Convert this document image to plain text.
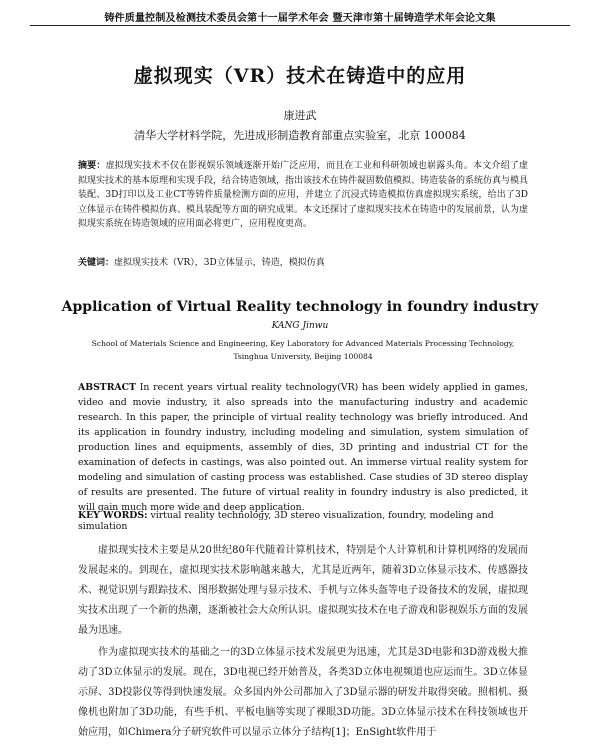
铸件质量控制及检测技术委员会第十一届学术年会 暨天津市第十届铸造学术年会论文集
虚拟现实（VR）技术在铸造中的应用
康进武
清华大学材料学院，先进成形制造教育部重点实验室，北京 100084
摘要：虚拟现实技术不仅在影视娱乐领域逐渐开始广泛应用，而且在工业和科研领域也崭露头角。本文介绍了虚拟现实技术的基本原理和实现手段，结合铸造领域，指出该技术在铸件凝固数值模拟、铸造装备的系统仿真与模具装配、3D打印以及工业CT等铸件质量检测方面的应用，并建立了沉浸式铸造模拟仿真虚拟现实系统，给出了3D立体显示在铸件模拟仿真、模具装配等方面的研究成果。本文还探讨了虚拟现实技术在铸造中的发展前景，认为虚拟现实系统在铸造领域的应用面必将更广，应用程度更高。
关键词：虚拟现实技术（VR），3D立体显示，铸造，模拟仿真
Application of Virtual Reality technology in foundry industry
KANG Jinwu
School of Materials Science and Engineering, Key Laboratory for Advanced Materials Processing Technology, Tsinghua University, Beijing 100084
ABSTRACT In recent years virtual reality technology(VR) has been widely applied in games, video and movie industry, it also spreads into the manufacturing industry and academic research. In this paper, the principle of virtual reality technology was briefly introduced. And its application in foundry industry, including modeling and simulation, system simulation of production lines and equipments, assembly of dies, 3D printing and industrial CT for the examination of defects in castings, was also pointed out. An immerse virtual reality system for modeling and simulation of casting process was established. Case studies of 3D stereo display of results are presented. The future of virtual reality in foundry industry is also predicted, it will gain much more wide and deep application.
KEY WORDS: virtual reality technology, 3D stereo visualization, foundry, modeling and simulation

虚拟现实技术主要是从20世纪80年代随着计算机技术，特别是个人计算机和计算机网络的发展而发展起来的。到现在，虚拟现实技术影响越来越大，尤其是近两年，随着3D立体显示技术、传感器技术、视觉识别与跟踪技术、图形数据处理与显示技术、手机与立体头盔等电子设备技术的发展，虚拟现实技术出现了一个新的热潮，逐渐被社会大众所认识。虚拟现实技术在电子游戏和影视娱乐方面的发展最为迅速。

作为虚拟现实技术的基础之一的3D立体显示技术发展更为迅速，尤其是3D电影和3D游戏极大推动了3D立体显示的发展。现在，3D电视已经开始普及，各类3D立体电视频道也应运而生。3D立体显示屏、3D投影仪等得到快速发展。众多国内外公司都加入了3D显示器的研发并取得突破。照相机、摄像机也附加了3D功能，有些手机、平板电脑等实现了裸眼3D功能。3D立体显示技术在科技领域也开始应用，如Chimera分子研究软件可以显示立体分子结构[1]；EnSight软件用于
